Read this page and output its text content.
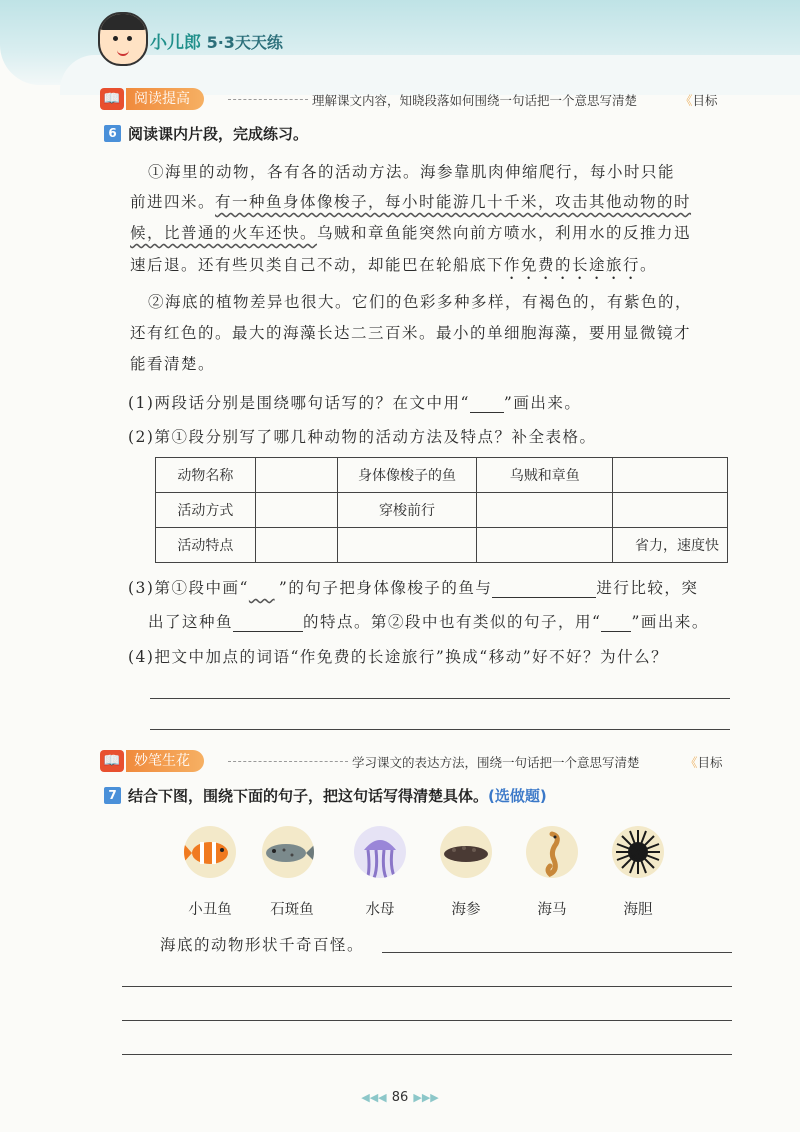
小儿郎 5·3天天练
📖 阅读提高	理解课文内容，知晓段落如何围绕一句话把一个意思写清楚	《目标
6 阅读课内片段，完成练习。
①海里的动物，各有各的活动方法。海参靠肌肉伸缩爬行，每小时只能
前进四米。有一种鱼身体像梭子，每小时能游几十千米，攻击其他动物的时
候，比普通的火车还快。乌贼和章鱼能突然向前方喷水，利用水的反推力迅
速后退。还有些贝类自己不动，却能巴在轮船底下作免费的长途旅行。
②海底的植物差异也很大。它们的色彩多种多样，有褐色的，有紫色的，
还有红色的。最大的海藻长达二三百米。最小的单细胞海藻，要用显微镜才
能看清楚。
(1)两段话分别是围绕哪句话写的？在文中用“ ”画出来。
(2)第①段分别写了哪几种动物的活动方法及特点？补全表格。
动物名称		身体像梭子的鱼	乌贼和章鱼	
活动方式		穿梭前行		
活动特点				省力，速度快
(3)第①段中画“ ”的句子把身体像梭子的鱼与	进行比较，突
出了这种鱼	的特点。第②段中也有类似的句子，用“ ”画出来。
(4)把文中加点的词语“作免费的长途旅行”换成“移动”好不好？为什么？
📖 妙笔生花	学习课文的表达方法，围绕一句话把一个意思写清楚	《目标
7 结合下图，围绕下面的句子，把这句话写得清楚具体。(选做题)
小丑鱼	石斑鱼	水母	海参	海马	海胆
海底的动物形状千奇百怪。
◀◀◀ 86 ▶▶▶
